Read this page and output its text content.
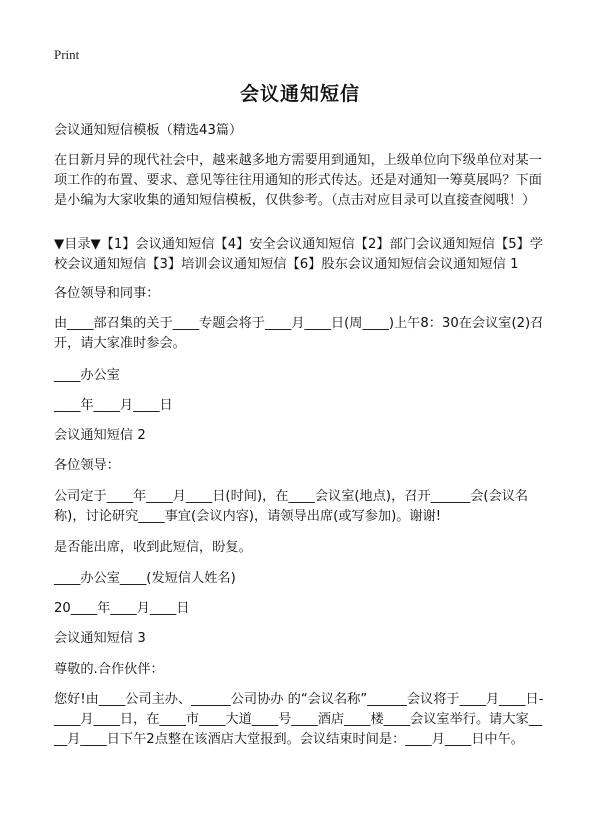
Print
会议通知短信

会议通知短信模板（精选43篇）

在日新月异的现代社会中，越来越多地方需要用到通知，上级单位向下级单位对某一项工作的布置、要求、意见等往往用通知的形式传达。还是对通知一筹莫展吗？下面是小编为大家收集的通知短信模板，仅供参考。（点击对应目录可以直接查阅哦！）

▼目录▼【1】会议通知短信【4】安全会议通知短信【2】部门会议通知短信【5】学校会议通知短信【3】培训会议通知短信【6】股东会议通知短信会议通知短信 1

各位领导和同事：

由____部召集的关于____专题会将于____月____日(周____)上午8：30在会议室(2)召开，请大家准时参会。

____办公室

____年____月____日

会议通知短信 2

各位领导：

公司定于____年____月____日(时间)，在____会议室(地点)，召开______会(会议名称)，讨论研究____事宜(会议内容)，请领导出席(或写参加)。谢谢!

是否能出席，收到此短信，盼复。

____办公室____(发短信人姓名)

20____年____月____日

会议通知短信 3

尊敬的.合作伙伴：

您好!由____公司主办、______公司协办 的“会议名称”______会议将于____月____日-____月____日，在____市____大道____号____酒店____楼____会议室举行。请大家____月____日下午2点整在该酒店大堂报到。会议结束时间是：____月____日中午。
